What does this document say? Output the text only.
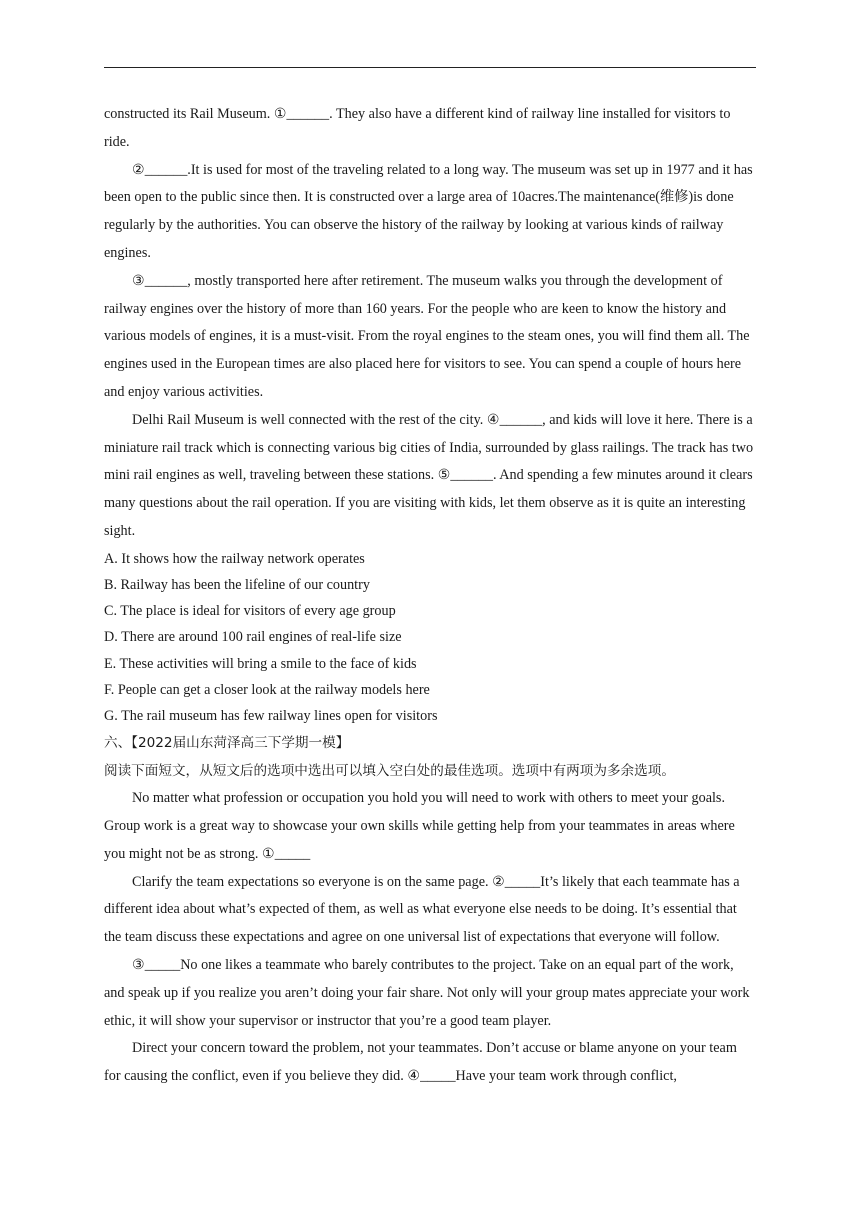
constructed its Rail Museum. ①______. They also have a different kind of railway line installed for visitors to ride.

②______.It is used for most of the traveling related to a long way. The museum was set up in 1977 and it has been open to the public since then. It is constructed over a large area of 10acres.The maintenance(维修)is done regularly by the authorities. You can observe the history of the railway by looking at various kinds of railway engines.

③______, mostly transported here after retirement. The museum walks you through the development of railway engines over the history of more than 160 years. For the people who are keen to know the history and various models of engines, it is a must-visit. From the royal engines to the steam ones, you will find them all. The engines used in the European times are also placed here for visitors to see. You can spend a couple of hours here and enjoy various activities.

Delhi Rail Museum is well connected with the rest of the city. ④______, and kids will love it here. There is a miniature rail track which is connecting various big cities of India, surrounded by glass railings. The track has two mini rail engines as well, traveling between these stations. ⑤______. And spending a few minutes around it clears many questions about the rail operation. If you are visiting with kids, let them observe as it is quite an interesting sight.

A. It shows how the railway network operates

B. Railway has been the lifeline of our country

C. The place is ideal for visitors of every age group

D. There are around 100 rail engines of real-life size

E. These activities will bring a smile to the face of kids

F. People can get a closer look at the railway models here

G. The rail museum has few railway lines open for visitors

六、【2022届山东菏泽高三下学期一模】

阅读下面短文，从短文后的选项中选出可以填入空白处的最佳选项。选项中有两项为多余选项。

No matter what profession or occupation you hold you will need to work with others to meet your goals. Group work is a great way to showcase your own skills while getting help from your teammates in areas where you might not be as strong. ①_____

Clarify the team expectations so everyone is on the same page. ②_____It’s likely that each teammate has a different idea about what’s expected of them, as well as what everyone else needs to be doing. It’s essential that the team discuss these expectations and agree on one universal list of expectations that everyone will follow.

③_____No one likes a teammate who barely contributes to the project. Take on an equal part of the work, and speak up if you realize you aren’t doing your fair share. Not only will your group mates appreciate your work ethic, it will show your supervisor or instructor that you’re a good team player.

Direct your concern toward the problem, not your teammates. Don’t accuse or blame anyone on your team for causing the conflict, even if you believe they did. ④_____Have your team work through conflict,
